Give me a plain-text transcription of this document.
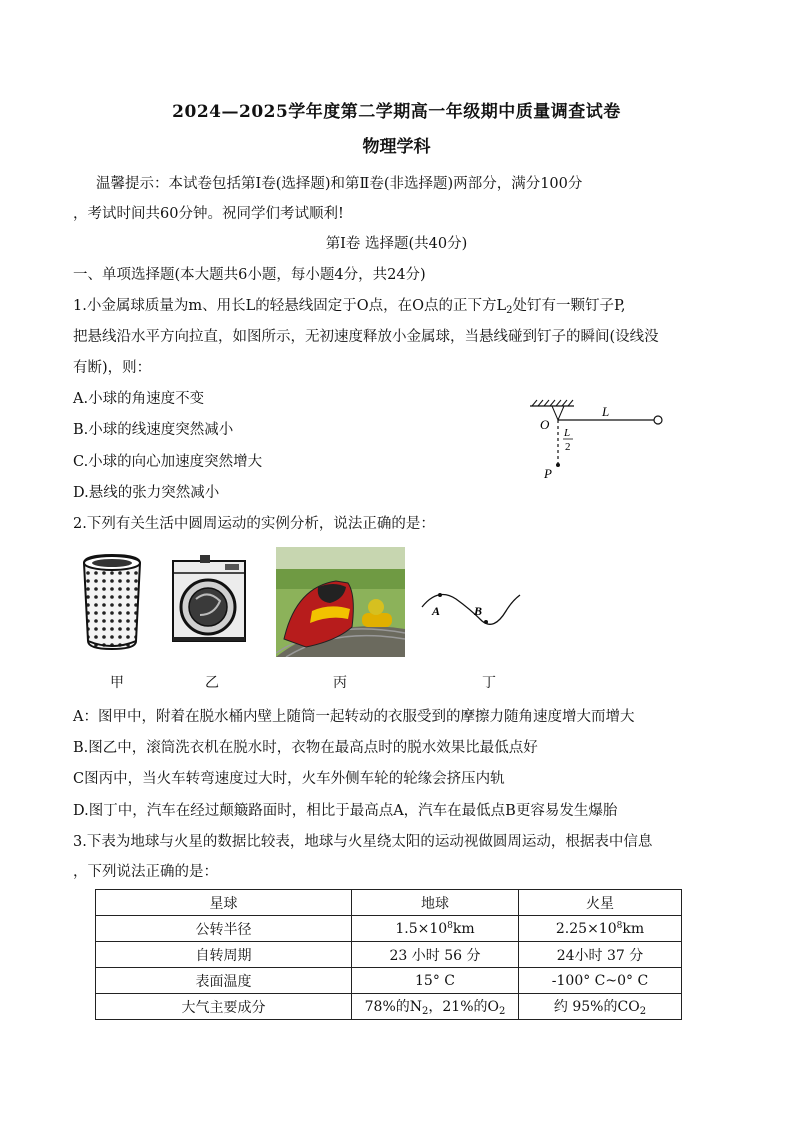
2024—2025学年度第二学期高一年级期中质量调查试卷
物理学科
温馨提示：本试卷包括第Ⅰ卷(选择题)和第Ⅱ卷(非选择题)两部分，满分100分
，考试时间共60分钟。祝同学们考试顺利!
第Ⅰ卷 选择题(共40分)
一、单项选择题(本大题共6小题，每小题4分，共24分)
1.小金属球质量为m、用长L的轻悬线固定于O点，在O点的正下方$L_2$处钉有一颗钉子P,
把悬线沿水平方向拉直，如图所示，无初速度释放小金属球，当悬线碰到钉子的瞬间(设线没
有断)，则：
A.小球的角速度不变
B.小球的线速度突然减小
C.小球的向心加速度突然增大
D.悬线的张力突然减小
O
L
L
2
P
2.下列有关生活中圆周运动的实例分析，说法正确的是：
A	B
甲	乙	丙	丁
A：图甲中，附着在脱水桶内壁上随筒一起转动的衣服受到的摩擦力随角速度增大而增大
B.图乙中，滚筒洗衣机在脱水时，衣物在最高点时的脱水效果比最低点好
C图丙中，当火车转弯速度过大时，火车外侧车轮的轮缘会挤压内轨
D.图丁中，汽车在经过颠簸路面时，相比于最高点A，汽车在最低点B更容易发生爆胎
3.下表为地球与火星的数据比较表，地球与火星绕太阳的运动视做圆周运动，根据表中信息
，下列说法正确的是：
星球	地球	火星
公转半径	$1.5\times 10^8km$	$2.25\times 10^8km$
自转周期	23 小时 56 分	24小时 37 分
表面温度	15° C	-100° C~0° C
大气主要成分	78%的$N_2$，21%的$O_2$	约 95%的$CO_2$
